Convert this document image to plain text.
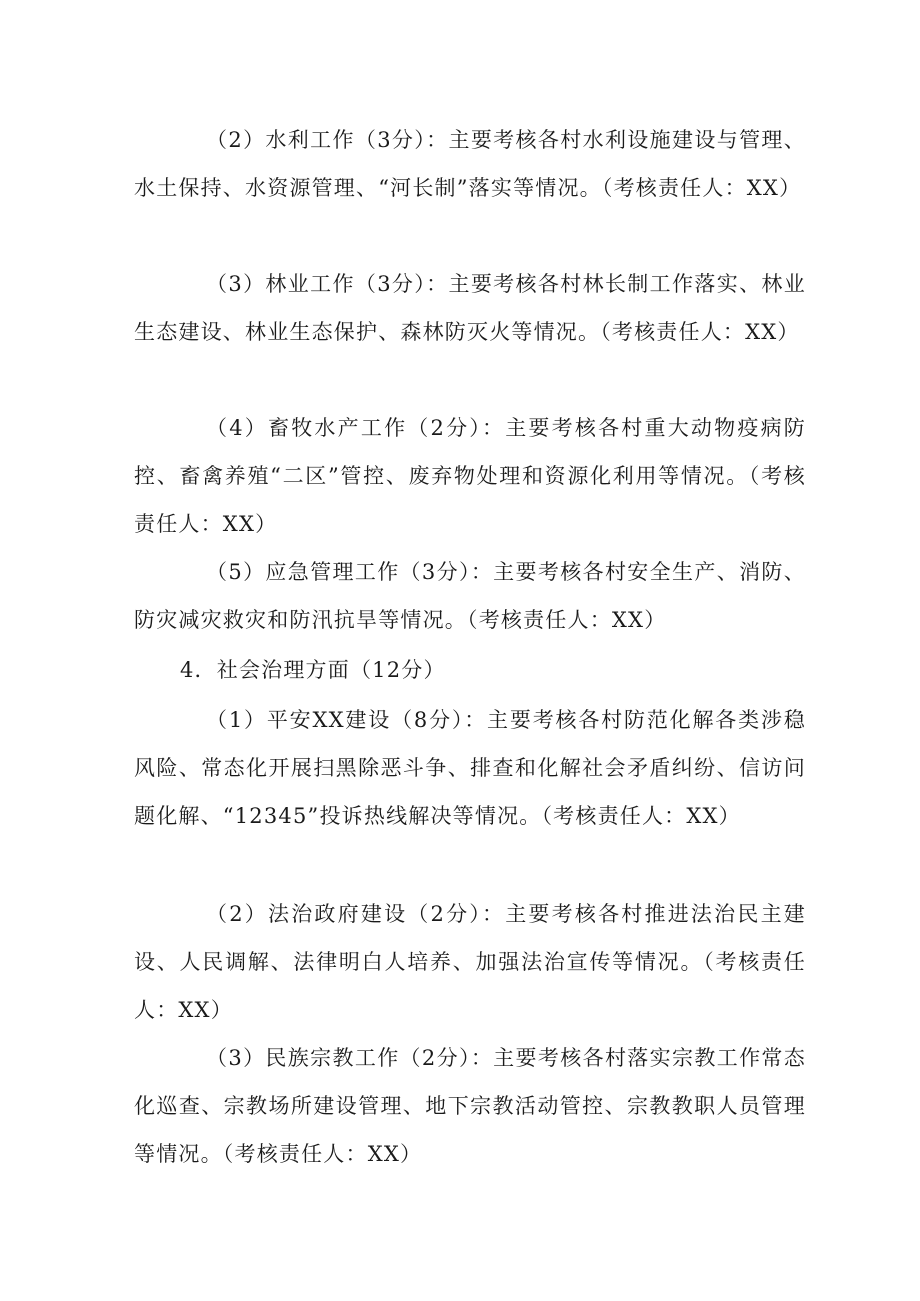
（2）水利工作（3分）：主要考核各村水利设施建设与管理、水土保持、水资源管理、“河长制”落实等情况。（考核责任人：XX）

（3）林业工作（3分）：主要考核各村林长制工作落实、林业生态建设、林业生态保护、森林防灭火等情况。（考核责任人：XX）

（4）畜牧水产工作（2分）：主要考核各村重大动物疫病防控、畜禽养殖“二区”管控、废弃物处理和资源化利用等情况。（考核责任人：XX）

（5）应急管理工作（3分）：主要考核各村安全生产、消防、防灾减灾救灾和防汛抗旱等情况。（考核责任人：XX）

4．社会治理方面（12分）

（1）平安XX建设（8分）：主要考核各村防范化解各类涉稳风险、常态化开展扫黑除恶斗争、排查和化解社会矛盾纠纷、信访问题化解、“12345”投诉热线解决等情况。（考核责任人：XX）

（2）法治政府建设（2分）：主要考核各村推进法治民主建设、人民调解、法律明白人培养、加强法治宣传等情况。（考核责任人：XX）

（3）民族宗教工作（2分）：主要考核各村落实宗教工作常态化巡查、宗教场所建设管理、地下宗教活动管控、宗教教职人员管理等情况。（考核责任人：XX）
